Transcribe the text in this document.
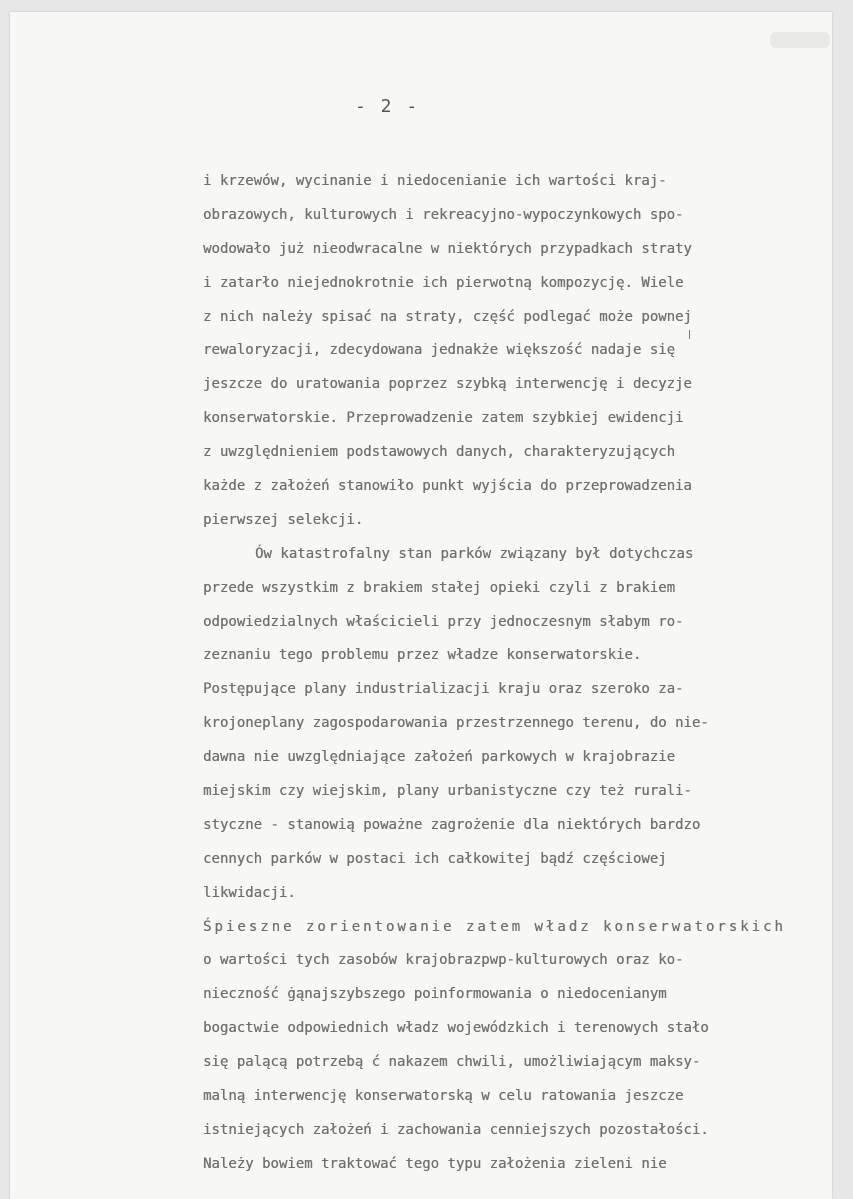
- 2 -
i krzewów, wycinanie i niedocenianie ich wartości kraj-
obrazowych, kulturowych i rekreacyjno-wypoczynkowych spo-
wodowało już nieodwracalne w niektórych przypadkach straty
i zatarło niejednokrotnie ich pierwotną kompozycję. Wiele
z nich należy spisać na straty, część podlegać może pownej
rewaloryzacji, zdecydowana jednakże większość nadaje się
jeszcze do uratowania poprzez szybką interwencję i decyzje
konserwatorskie. Przeprowadzenie zatem szybkiej ewidencji
z uwzględnieniem podstawowych danych, charakteryzujących
każde z założeń stanowiło punkt wyjścia do przeprowadzenia
pierwszej selekcji.
Ów katastrofalny stan parków związany był dotychczas
przede wszystkim z brakiem stałej opieki czyli z brakiem
odpowiedzialnych właścicieli przy jednoczesnym słabym ro-
zeznaniu tego problemu przez władze konserwatorskie.
Postępujące plany industrializacji kraju oraz szeroko za-
krojoneplany zagospodarowania przestrzennego terenu, do nie-
dawna nie uwzględniające założeń parkowych w krajobrazie
miejskim czy wiejskim, plany urbanistyczne czy też rurali-
styczne - stanowią poważne zagrożenie dla niektórych bardzo
cennych parków w postaci ich całkowitej bądź częściowej
likwidacji.
Śpieszne zorientowanie zatem władz konserwatorskich
o wartości tych zasobów krajobrazpwp-kulturowych oraz ko-
nieczność ġąnajszybszego poinformowania o niedocenianym
bogactwie odpowiednich władz wojewódzkich i terenowych stało
się palącą potrzebą ć nakazem chwili, umożliwiającym maksy-
malną interwencję konserwatorską w celu ratowania jeszcze
istniejących założeń i zachowania cenniejszych pozostałości.
Należy bowiem traktować tego typu założenia zieleni nie
